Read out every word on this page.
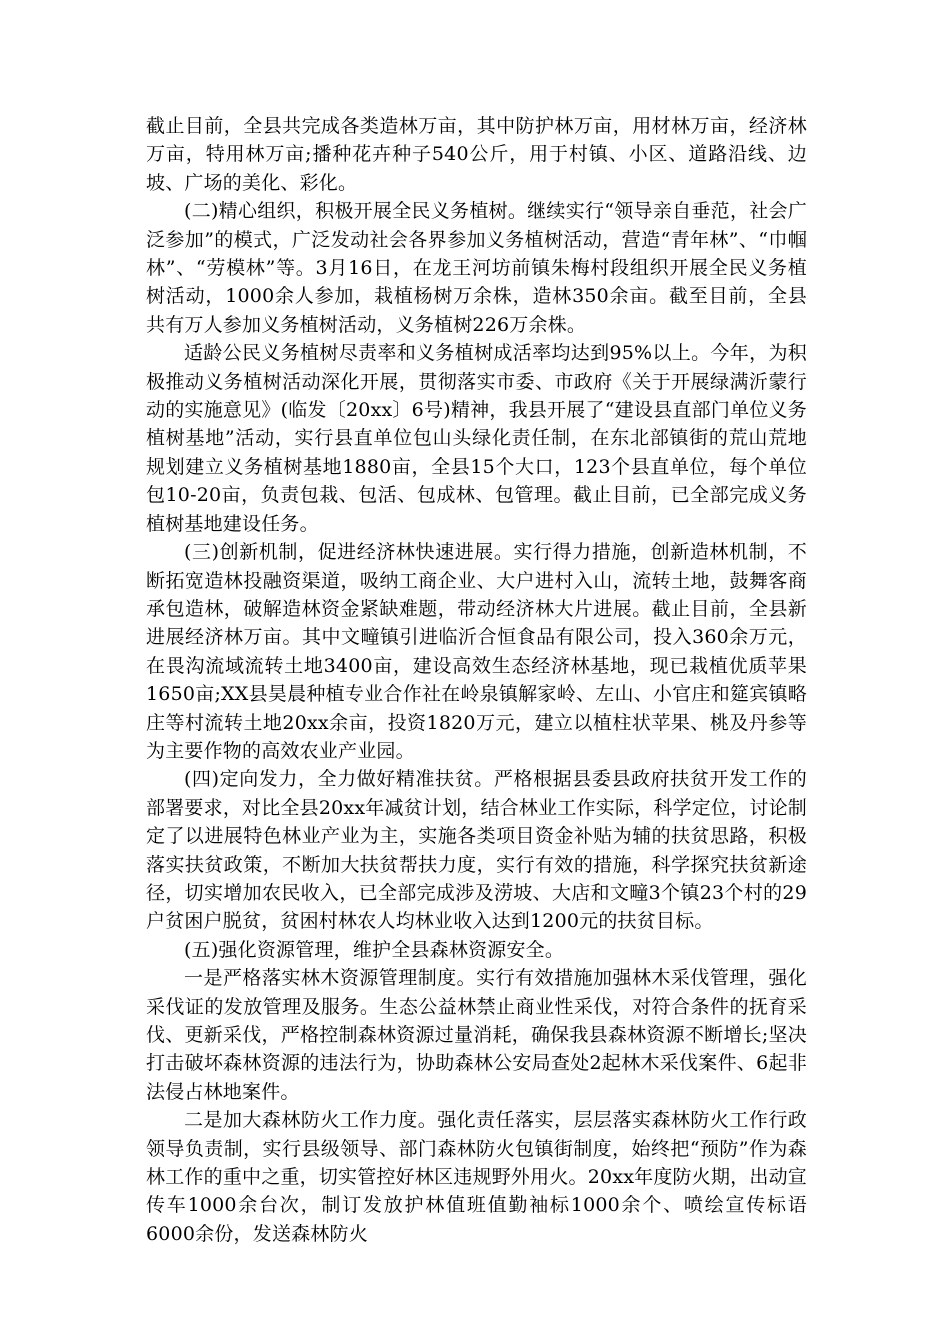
截止目前，全县共完成各类造林万亩，其中防护林万亩，用材林万亩，经济林万亩，特用林万亩;播种花卉种子540公斤，用于村镇、小区、道路沿线、边坡、广场的美化、彩化。

(二)精心组织，积极开展全民义务植树。继续实行“领导亲自垂范，社会广泛参加”的模式，广泛发动社会各界参加义务植树活动，营造“青年林”、“巾帼林”、“劳模林”等。3月16日，在龙王河坊前镇朱梅村段组织开展全民义务植树活动，1000余人参加，栽植杨树万余株，造林350余亩。截至目前，全县共有万人参加义务植树活动，义务植树226万余株。

适龄公民义务植树尽责率和义务植树成活率均达到95%以上。今年，为积极推动义务植树活动深化开展，贯彻落实市委、市政府《关于开展绿满沂蒙行动的实施意见》(临发〔20xx〕6号)精神，我县开展了“建设县直部门单位义务植树基地”活动，实行县直单位包山头绿化责任制，在东北部镇街的荒山荒地规划建立义务植树基地1880亩，全县15个大口，123个县直单位，每个单位包10-20亩，负责包栽、包活、包成林、包管理。截止目前，已全部完成义务植树基地建设任务。

(三)创新机制，促进经济林快速进展。实行得力措施，创新造林机制，不断拓宽造林投融资渠道，吸纳工商企业、大户进村入山，流转土地，鼓舞客商承包造林，破解造林资金紧缺难题，带动经济林大片进展。截止目前，全县新进展经济林万亩。其中文疃镇引进临沂合恒食品有限公司，投入360余万元，在畏沟流域流转土地3400亩，建设高效生态经济林基地，现已栽植优质苹果1650亩;XX县昊晨种植专业合作社在岭泉镇解家岭、左山、小官庄和筵宾镇略庄等村流转土地20xx余亩，投资1820万元，建立以植柱状苹果、桃及丹参等为主要作物的高效农业产业园。

(四)定向发力，全力做好精准扶贫。严格根据县委县政府扶贫开发工作的部署要求，对比全县20xx年减贫计划，结合林业工作实际，科学定位，讨论制定了以进展特色林业产业为主，实施各类项目资金补贴为辅的扶贫思路，积极落实扶贫政策，不断加大扶贫帮扶力度，实行有效的措施，科学探究扶贫新途径，切实增加农民收入，已全部完成涉及涝坡、大店和文疃3个镇23个村的29户贫困户脱贫，贫困村林农人均林业收入达到1200元的扶贫目标。

(五)强化资源管理，维护全县森林资源安全。

一是严格落实林木资源管理制度。实行有效措施加强林木采伐管理，强化采伐证的发放管理及服务。生态公益林禁止商业性采伐，对符合条件的抚育采伐、更新采伐，严格控制森林资源过量消耗，确保我县森林资源不断增长;坚决打击破坏森林资源的违法行为，协助森林公安局查处2起林木采伐案件、6起非法侵占林地案件。

二是加大森林防火工作力度。强化责任落实，层层落实森林防火工作行政领导负责制，实行县级领导、部门森林防火包镇街制度，始终把“预防”作为森林工作的重中之重，切实管控好林区违规野外用火。20xx年度防火期，出动宣传车1000余台次，制订发放护林值班值勤袖标1000余个、喷绘宣传标语6000余份，发送森林防火
